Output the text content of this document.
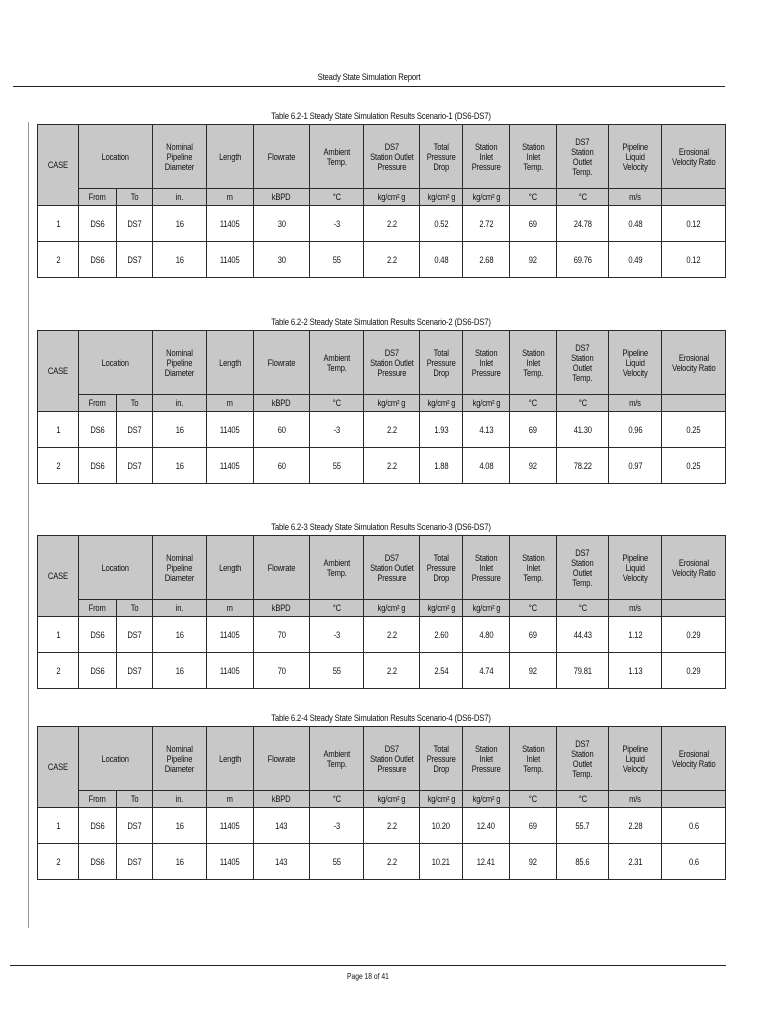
Steady State Simulation Report
Table 6.2-1 Steady State Simulation Results Scenario-1 (DS6-DS7)
CASE	Location		Nominal
Pipeline
Diameter	Length	Flowrate	Ambient
Temp.	DS7
Station Outlet
Pressure	Total
Pressure
Drop	Station
Inlet
Pressure	Station
Inlet
Temp.	DS7
Station
Outlet
Temp.	Pipeline
Liquid
Velocity	Erosional
Velocity Ratio
	From	To	in.	m	kBPD	°C	kg/cm² g	kg/cm² g	kg/cm² g	°C	°C	m/s	
1	DS6	DS7	16	11405	30	-3	2.2	0.52	2.72	69	24.78	0.48	0.12
2	DS6	DS7	16	11405	30	55	2.2	0.48	2.68	92	69.76	0.49	0.12
Table 6.2-2 Steady State Simulation Results Scenario-2 (DS6-DS7)
CASE	Location		Nominal
Pipeline
Diameter	Length	Flowrate	Ambient
Temp.	DS7
Station Outlet
Pressure	Total
Pressure
Drop	Station
Inlet
Pressure	Station
Inlet
Temp.	DS7
Station
Outlet
Temp.	Pipeline
Liquid
Velocity	Erosional
Velocity Ratio
	From	To	in.	m	kBPD	°C	kg/cm² g	kg/cm² g	kg/cm² g	°C	°C	m/s	
1	DS6	DS7	16	11405	60	-3	2.2	1.93	4.13	69	41.30	0.96	0.25
2	DS6	DS7	16	11405	60	55	2.2	1.88	4.08	92	78.22	0.97	0.25
Table 6.2-3 Steady State Simulation Results Scenario-3 (DS6-DS7)
CASE	Location		Nominal
Pipeline
Diameter	Length	Flowrate	Ambient
Temp.	DS7
Station Outlet
Pressure	Total
Pressure
Drop	Station
Inlet
Pressure	Station
Inlet
Temp.	DS7
Station
Outlet
Temp.	Pipeline
Liquid
Velocity	Erosional
Velocity Ratio
	From	To	in.	m	kBPD	°C	kg/cm² g	kg/cm² g	kg/cm² g	°C	°C	m/s	
1	DS6	DS7	16	11405	70	-3	2.2	2.60	4.80	69	44.43	1.12	0.29
2	DS6	DS7	16	11405	70	55	2.2	2.54	4.74	92	79.81	1.13	0.29
Table 6.2-4 Steady State Simulation Results Scenario-4 (DS6-DS7)
CASE	Location		Nominal
Pipeline
Diameter	Length	Flowrate	Ambient
Temp.	DS7
Station Outlet
Pressure	Total
Pressure
Drop	Station
Inlet
Pressure	Station
Inlet
Temp.	DS7
Station
Outlet
Temp.	Pipeline
Liquid
Velocity	Erosional
Velocity Ratio
	From	To	in.	m	kBPD	°C	kg/cm² g	kg/cm² g	kg/cm² g	°C	°C	m/s	
1	DS6	DS7	16	11405	143	-3	2.2	10.20	12.40	69	55.7	2.28	0.6
2	DS6	DS7	16	11405	143	55	2.2	10.21	12.41	92	85.6	2.31	0.6
Page 18 of 41
